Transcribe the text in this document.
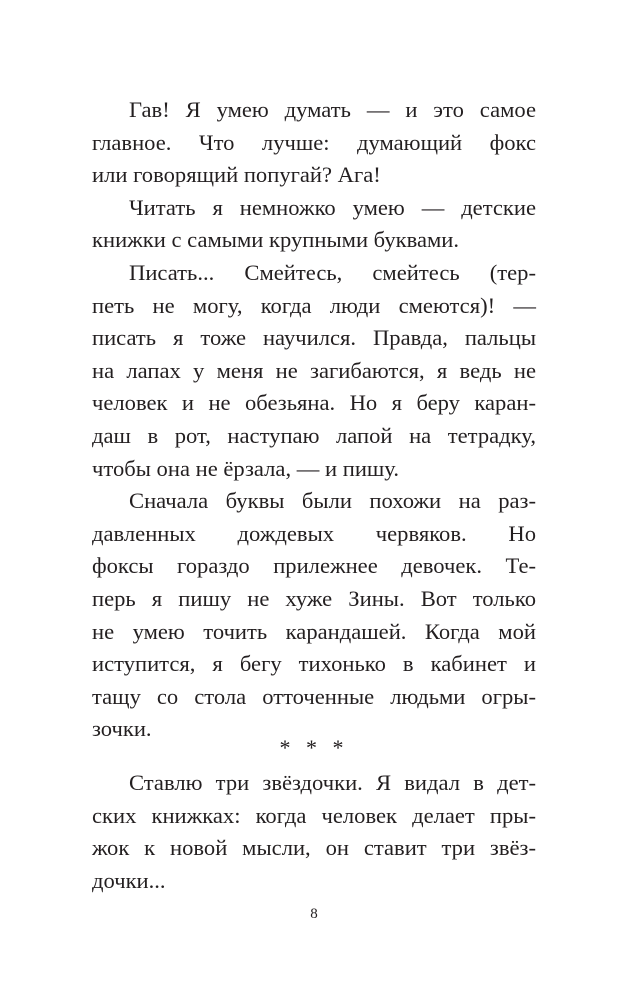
Гав! Я умею думать — и это самое
главное. Что лучше: думающий фокс
или говорящий попугай? Ага!

Читать я немножко умею — детские
книжки с самыми крупными буквами.

Писать... Смейтесь, смейтесь (тер-
петь не могу, когда люди смеются)! —
писать я тоже научился. Правда, пальцы
на лапах у меня не загибаются, я ведь не
человек и не обезьяна. Но я беру каран-
даш в рот, наступаю лапой на тетрадку,
чтобы она не ёрзала, — и пишу.

Сначала буквы были похожи на раз-
давленных дождевых червяков. Но
фоксы гораздо прилежнее девочек. Те-
перь я пишу не хуже Зины. Вот только
не умею точить карандашей. Когда мой
иступится, я бегу тихонько в кабинет и
тащу со стола отточенные людьми огры-
зочки.

* * *

Ставлю три звёздочки. Я видал в дет-
ских книжках: когда человек делает пры-
жок к новой мысли, он ставит три звёз-
дочки...

8
